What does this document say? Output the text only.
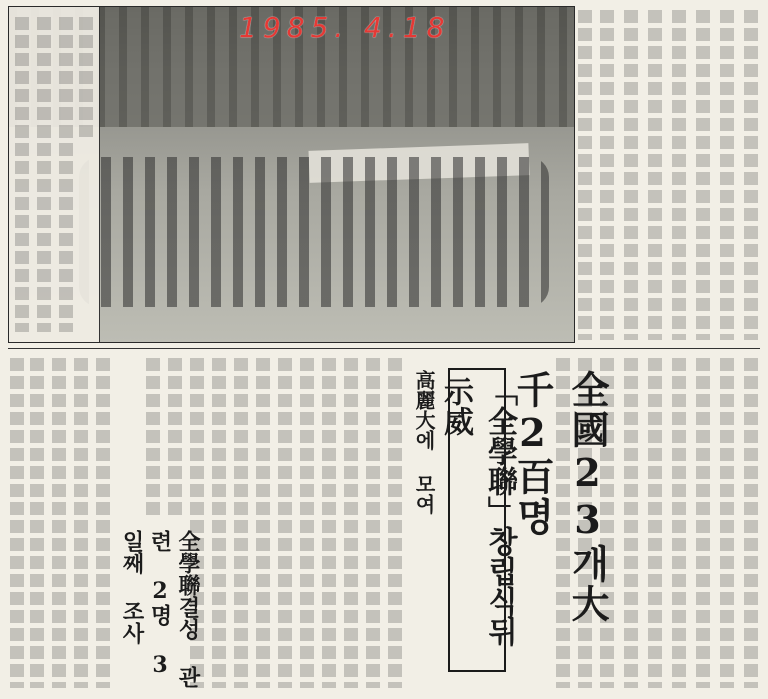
1985. 4.18
全國23개大 千2百명
「全學聯」창립식뒤示威
高麗大에 모여
全學聯결성 관련 2명 3일째 조사
